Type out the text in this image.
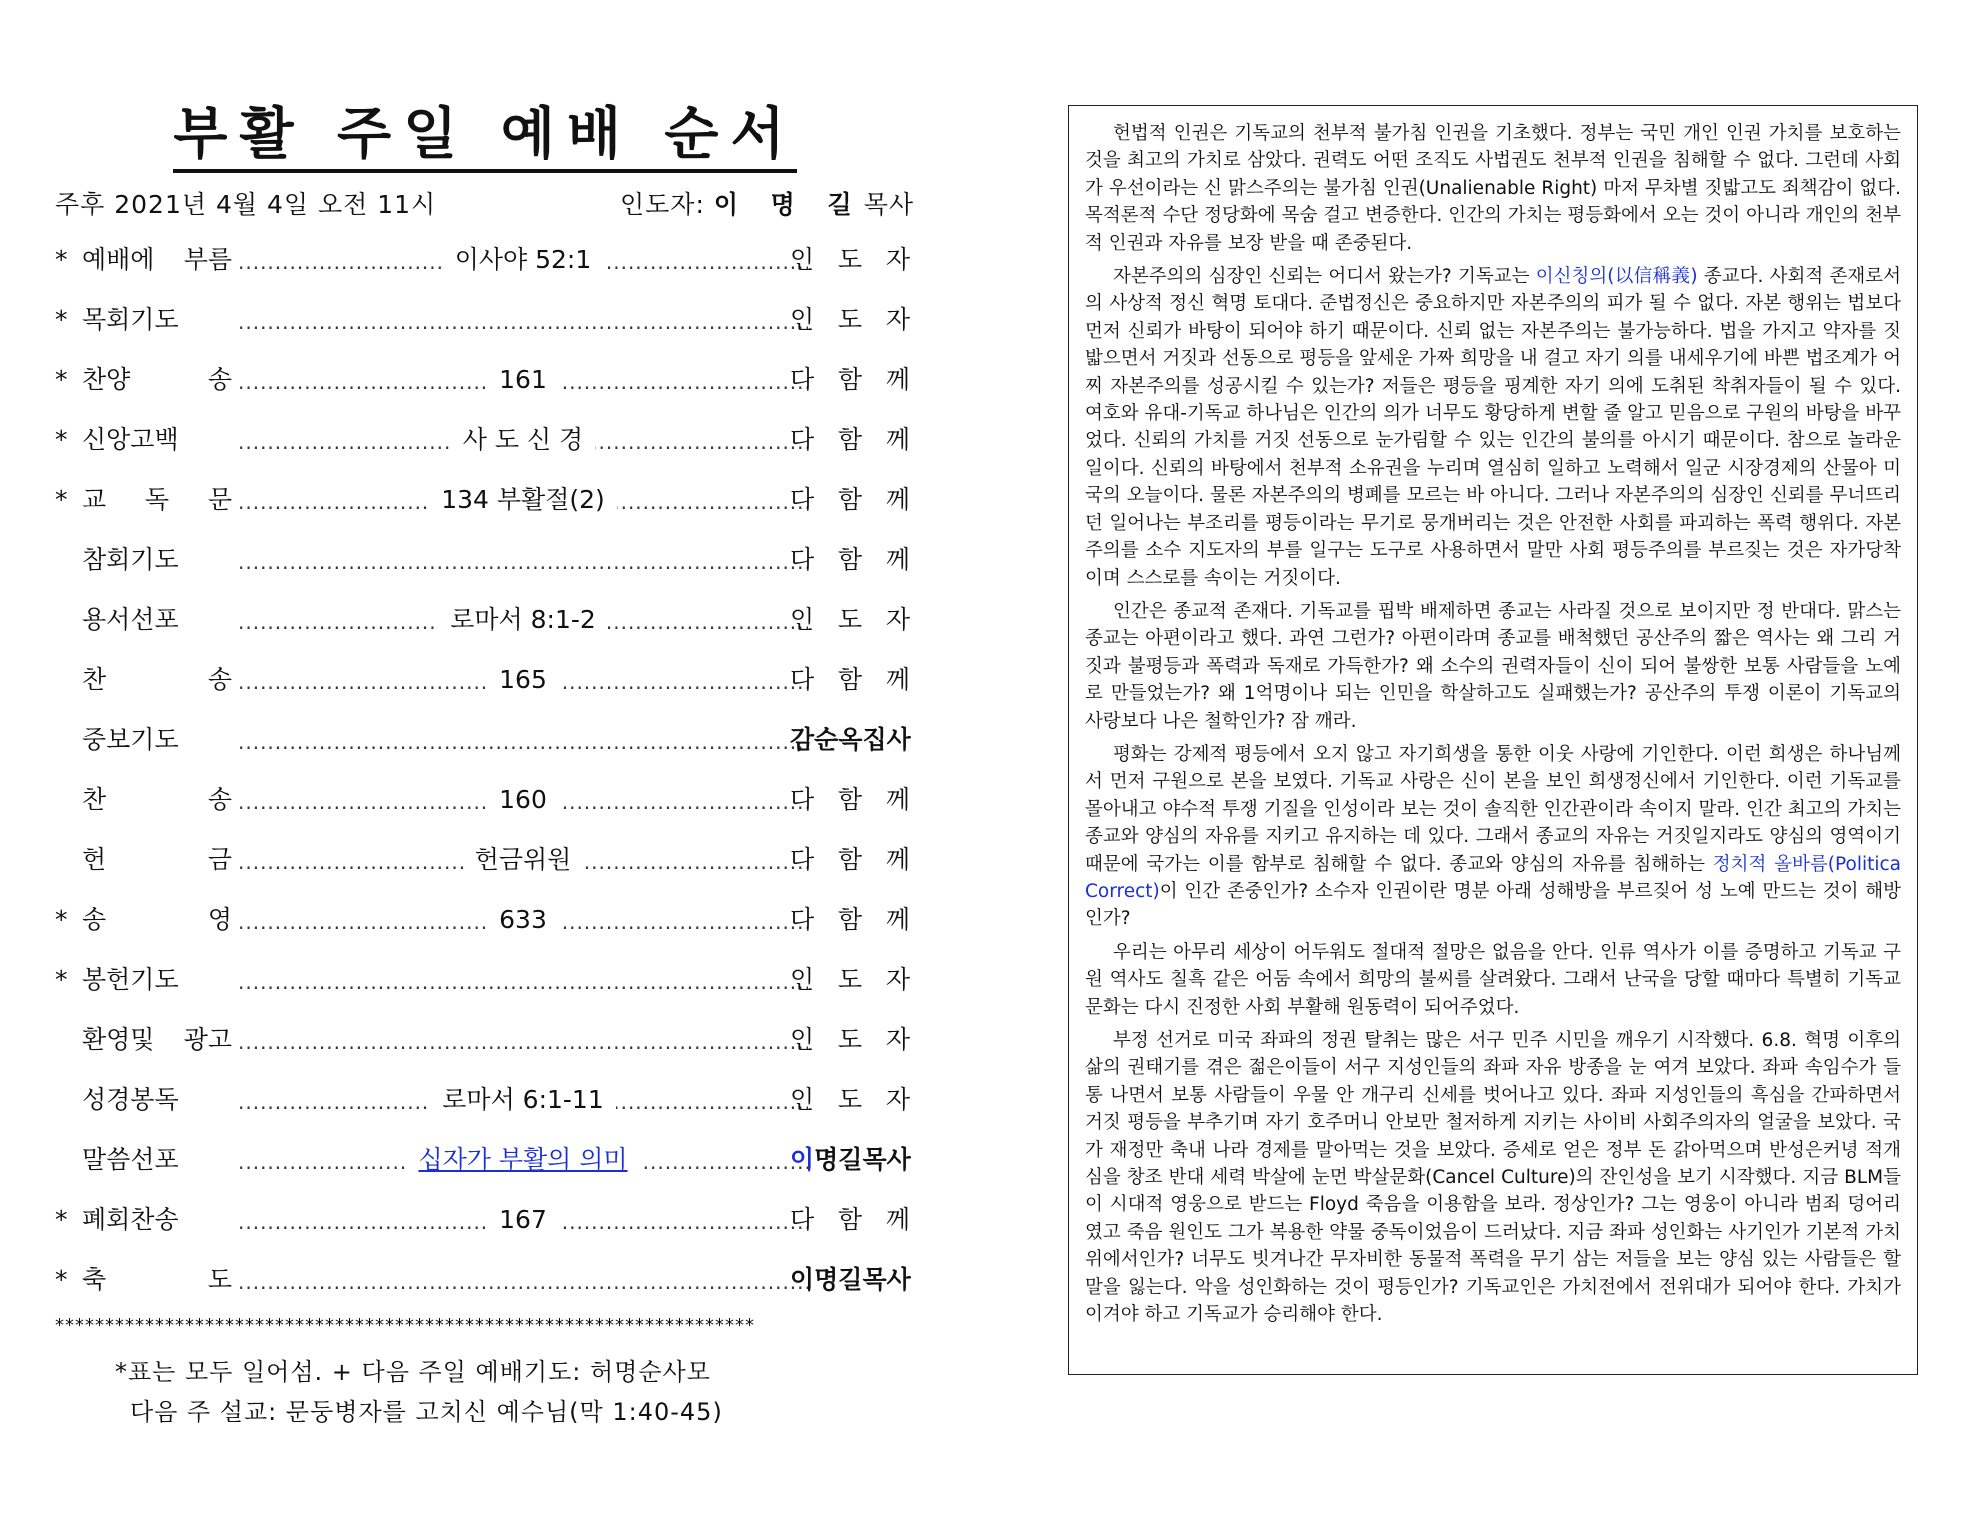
부활 주일 예배 순서
주후 2021년 4월 4일 오전 11시	인도자: 이 명 길목사
* 예배에 부름	..... 이사야 52:1	인 도 자
* 목회기도 .....	인 도 자
* 찬양 송	..... 161	다 함 께
* 신앙고백	..... 사 도 신 경	다 함 께
* 교 독 문	..... 134 부활절(2)	다 함 께
참회기도 .....	다 함 께
용서선포	..... 로마서 8:1-2	인 도 자
찬 송	..... 165	다 함 께
중보기도 .....	감순옥집사
찬 송	..... 160	다 함 께
헌 금	..... 헌금위원	다 함 께
* 송 영	..... 633	다 함 께
* 봉헌기도 .....	인 도 자
환영및 광고 .....	인 도 자
성경봉독	..... 로마서 6:1-11	인 도 자
말씀선포	..... 십자가 부활의 의미	이명길목사
* 폐회찬송	..... 167	다 함 께
* 축 도 .....	이명길목사
**********************************************************************
*표는 모두 일어섬. + 다음 주일 예배기도: 허명순사모
다음 주 설교: 문둥병자를 고치신 예수님(막 1:40-45)

헌법적 인권은 기독교의 천부적 불가침 인권을 기초했다. 정부는 국민 개인 인권 가치를 보호하는 것을 최고의 가치로 삼았다. 권력도 어떤 조직도 사법권도 천부적 인권을 침해할 수 없다. 그런데 사회가 우선이라는 신 맑스주의는 불가침 인권(Unalienable Right) 마저 무차별 짓밟고도 죄책감이 없다. 목적론적 수단 정당화에 목숨 걸고 변증한다. 인간의 가치는 평등화에서 오는 것이 아니라 개인의 천부적 인권과 자유를 보장 받을 때 존중된다.

자본주의의 심장인 신뢰는 어디서 왔는가? 기독교는 이신칭의(以信稱義) 종교다. 사회적 존재로서의 사상적 정신 혁명 토대다. 준법정신은 중요하지만 자본주의의 피가 될 수 없다. 자본 행위는 법보다 먼저 신뢰가 바탕이 되어야 하기 때문이다. 신뢰 없는 자본주의는 불가능하다. 법을 가지고 약자를 짓밟으면서 거짓과 선동으로 평등을 앞세운 가짜 희망을 내 걸고 자기 의를 내세우기에 바쁜 법조계가 어찌 자본주의를 성공시킬 수 있는가? 저들은 평등을 핑계한 자기 의에 도취된 착취자들이 될 수 있다. 여호와 유대-기독교 하나님은 인간의 의가 너무도 황당하게 변할 줄 알고 믿음으로 구원의 바탕을 바꾸었다. 신뢰의 가치를 거짓 선동으로 눈가림할 수 있는 인간의 불의를 아시기 때문이다. 참으로 놀라운 일이다. 신뢰의 바탕에서 천부적 소유권을 누리며 열심히 일하고 노력해서 일군 시장경제의 산물아 미국의 오늘이다. 물론 자본주의의 병폐를 모르는 바 아니다. 그러나 자본주의의 심장인 신뢰를 무너뜨리던 일어나는 부조리를 평등이라는 무기로 뭉개버리는 것은 안전한 사회를 파괴하는 폭력 행위다. 자본주의를 소수 지도자의 부를 일구는 도구로 사용하면서 말만 사회 평등주의를 부르짖는 것은 자가당착이며 스스로를 속이는 거짓이다.

인간은 종교적 존재다. 기독교를 핍박 배제하면 종교는 사라질 것으로 보이지만 정 반대다. 맑스는 종교는 아편이라고 했다. 과연 그런가? 아편이라며 종교를 배척했던 공산주의 짧은 역사는 왜 그리 거짓과 불평등과 폭력과 독재로 가득한가? 왜 소수의 권력자들이 신이 되어 불쌍한 보통 사람들을 노예로 만들었는가? 왜 1억명이나 되는 인민을 학살하고도 실패했는가? 공산주의 투쟁 이론이 기독교의 사랑보다 나은 철학인가? 잠 깨라.

평화는 강제적 평등에서 오지 않고 자기희생을 통한 이웃 사랑에 기인한다. 이런 희생은 하나님께서 먼저 구원으로 본을 보였다. 기독교 사랑은 신이 본을 보인 희생정신에서 기인한다. 이런 기독교를 몰아내고 야수적 투쟁 기질을 인성이라 보는 것이 솔직한 인간관이라 속이지 말라. 인간 최고의 가치는 종교와 양심의 자유를 지키고 유지하는 데 있다. 그래서 종교의 자유는 거짓일지라도 양심의 영역이기 때문에 국가는 이를 함부로 침해할 수 없다. 종교와 양심의 자유를 침해하는 정치적 올바름(Politica Correct)이 인간 존중인가? 소수자 인권이란 명분 아래 성해방을 부르짖어 성 노예 만드는 것이 해방인가?

우리는 아무리 세상이 어두워도 절대적 절망은 없음을 안다. 인류 역사가 이를 증명하고 기독교 구원 역사도 칠흑 같은 어둠 속에서 희망의 불씨를 살려왔다. 그래서 난국을 당할 때마다 특별히 기독교 문화는 다시 진정한 사회 부활해 원동력이 되어주었다.

부정 선거로 미국 좌파의 정권 탈취는 많은 서구 민주 시민을 깨우기 시작했다. 6.8. 혁명 이후의 삶의 권태기를 겪은 젊은이들이 서구 지성인들의 좌파 자유 방종을 눈 여겨 보았다. 좌파 속임수가 들통 나면서 보통 사람들이 우물 안 개구리 신세를 벗어나고 있다. 좌파 지성인들의 흑심을 간파하면서 거짓 평등을 부추기며 자기 호주머니 안보만 철저하게 지키는 사이비 사회주의자의 얼굴을 보았다. 국가 재정만 축내 나라 경제를 말아먹는 것을 보았다. 증세로 얻은 정부 돈 갉아먹으며 반성은커녕 적개심을 창조 반대 세력 박살에 눈먼 박살문화(Cancel Culture)의 잔인성을 보기 시작했다. 지금 BLM들이 시대적 영웅으로 받드는 Floyd 죽음을 이용함을 보라. 정상인가? 그는 영웅이 아니라 범죄 덩어리였고 죽음 원인도 그가 복용한 약물 중독이었음이 드러났다. 지금 좌파 성인화는 사기인가 기본적 가치 위에서인가? 너무도 빗겨나간 무자비한 동물적 폭력을 무기 삼는 저들을 보는 양심 있는 사람들은 할 말을 잃는다. 악을 성인화하는 것이 평등인가? 기독교인은 가치전에서 전위대가 되어야 한다. 가치가 이겨야 하고 기독교가 승리해야 한다.
